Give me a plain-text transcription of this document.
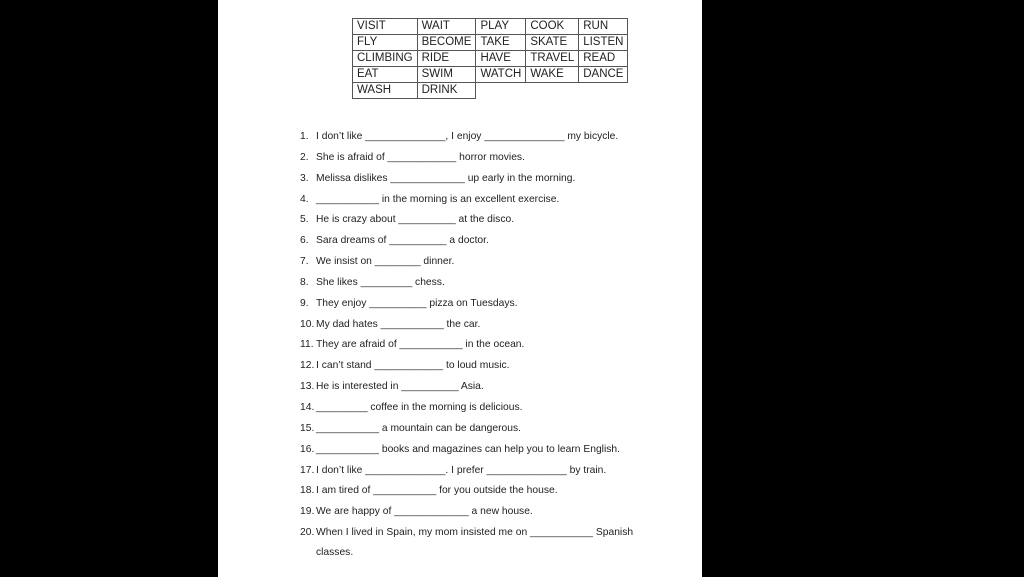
VISIT	WAIT	PLAY	COOK	RUN
FLY	BECOME	TAKE	SKATE	LISTEN
CLIMBING	RIDE	HAVE	TRAVEL	READ
EAT	SWIM	WATCH	WAKE	DANCE
WASH	DRINK			
1. I don’t like ______________, I enjoy ______________ my bicycle.
2. She is afraid of ____________ horror movies.
3. Melissa dislikes _____________ up early in the morning.
4. ___________ in the morning is an excellent exercise.
5. He is crazy about __________ at the disco.
6. Sara dreams of __________ a doctor.
7. We insist on ________ dinner.
8. She likes _________ chess.
9. They enjoy __________ pizza on Tuesdays.
10. My dad hates ___________ the car.
11. They are afraid of ___________ in the ocean.
12. I can’t stand ____________ to loud music.
13. He is interested in __________ Asia.
14. _________ coffee in the morning is delicious.
15. ___________ a mountain can be dangerous.
16. ___________ books and magazines can help you to learn English.
17. I don’t like ______________. I prefer ______________ by train.
18. I am tired of ___________ for you outside the house.
19. We are happy of _____________ a new house.
20. When I lived in Spain, my mom insisted me on ___________ Spanish
classes.
